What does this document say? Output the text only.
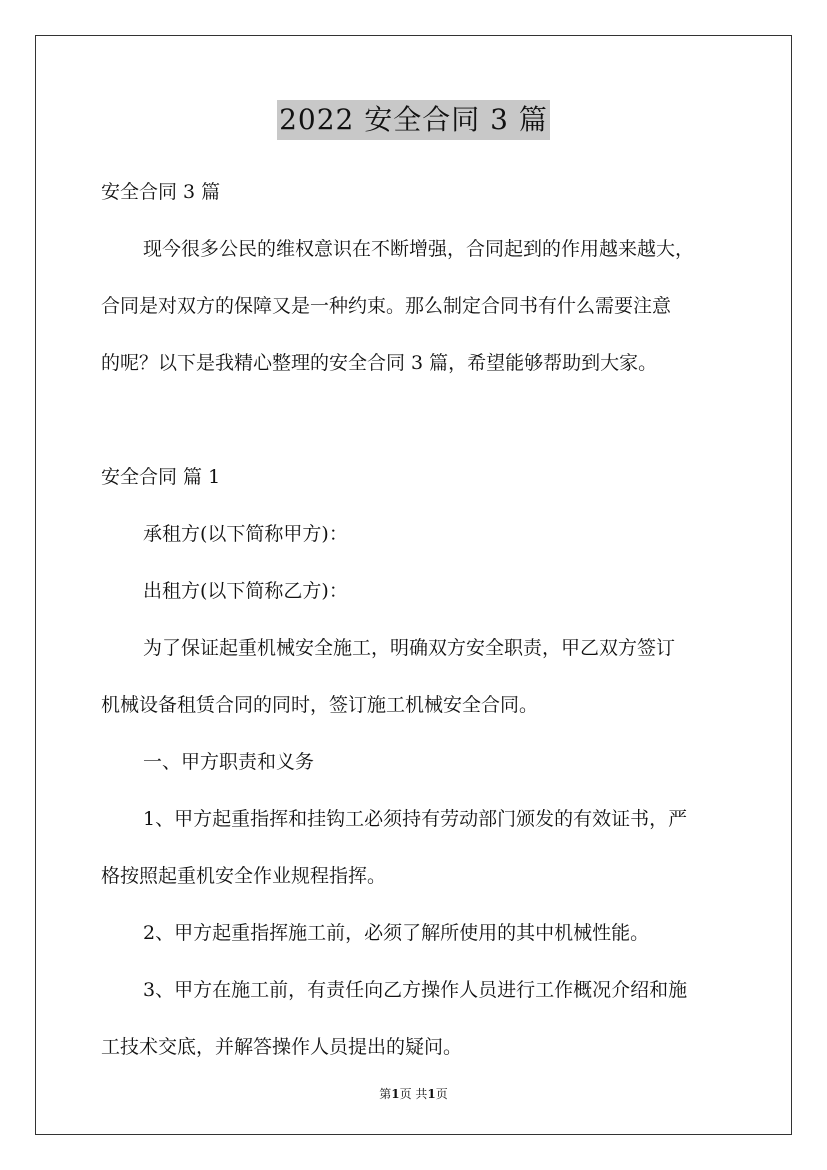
2022 安全合同 3 篇

安全合同 3 篇

现今很多公民的维权意识在不断增强，合同起到的作用越来越大，

合同是对双方的保障又是一种约束。那么制定合同书有什么需要注意

的呢？以下是我精心整理的安全合同 3 篇，希望能够帮助到大家。

安全合同 篇 1

承租方(以下简称甲方)：

出租方(以下简称乙方)：

为了保证起重机械安全施工，明确双方安全职责，甲乙双方签订

机械设备租赁合同的同时，签订施工机械安全合同。

一、甲方职责和义务

1、甲方起重指挥和挂钩工必须持有劳动部门颁发的有效证书，严

格按照起重机安全作业规程指挥。

2、甲方起重指挥施工前，必须了解所使用的其中机械性能。

3、甲方在施工前，有责任向乙方操作人员进行工作概况介绍和施

工技术交底，并解答操作人员提出的疑问。

第1页 共1页
